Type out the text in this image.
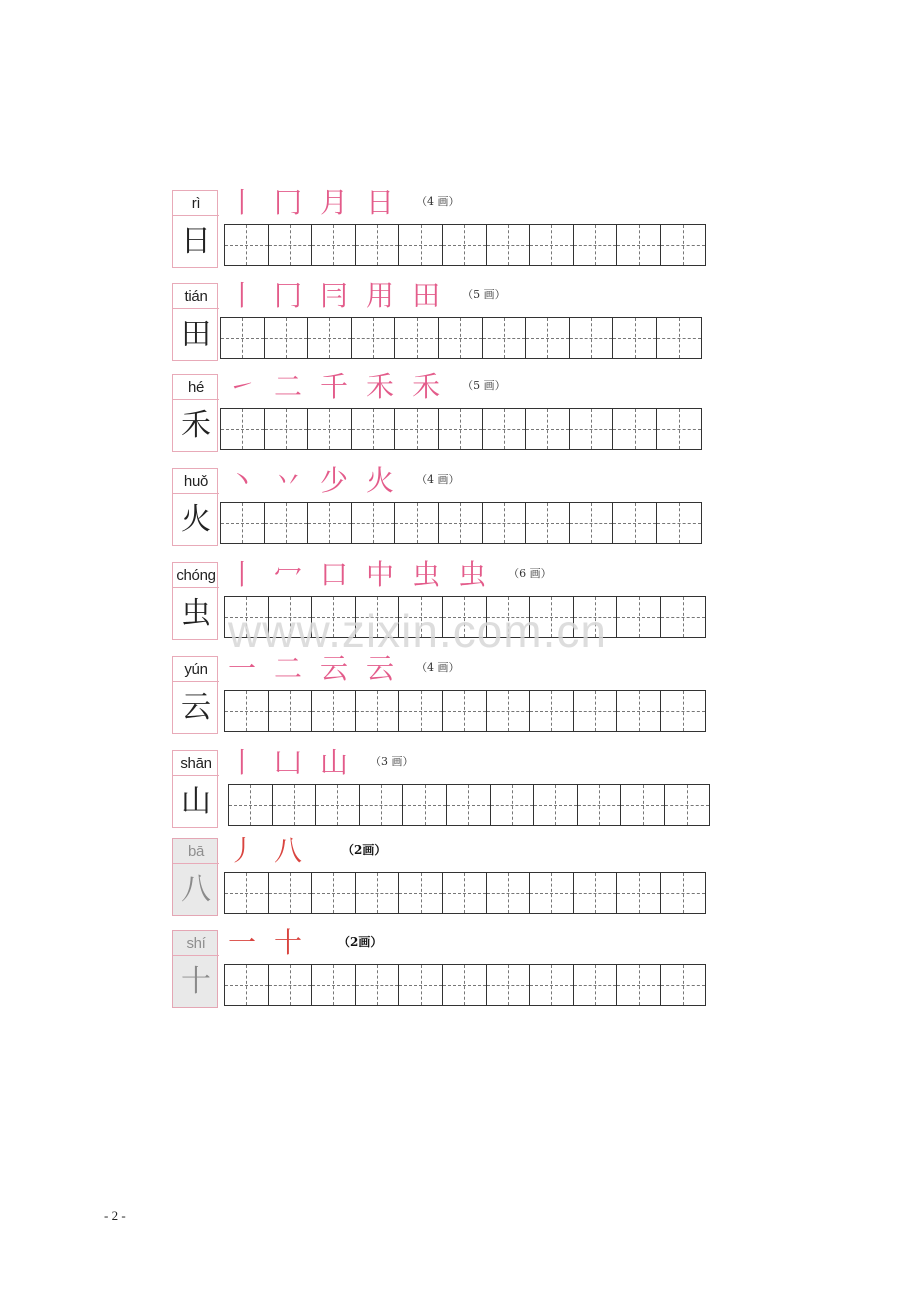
rì
日
丨 冂 月 日 （4 画）
tián
田
丨 冂 冃 用 田 （5 画）
hé
禾
㇀ 二 千 禾 禾 （5 画）
huǒ
火
丶 丷 少 火 （4 画）
chóng
虫
丨 冖 口 中 虫 虫 （6 画）
yún
云
一 二 云 云 （4 画）
shān
山
丨 凵 山 （3 画）
bā
八
丿 八	（2画）
shí
十
一 十	（2画）
www.zixin.com.cn
- 2 -
